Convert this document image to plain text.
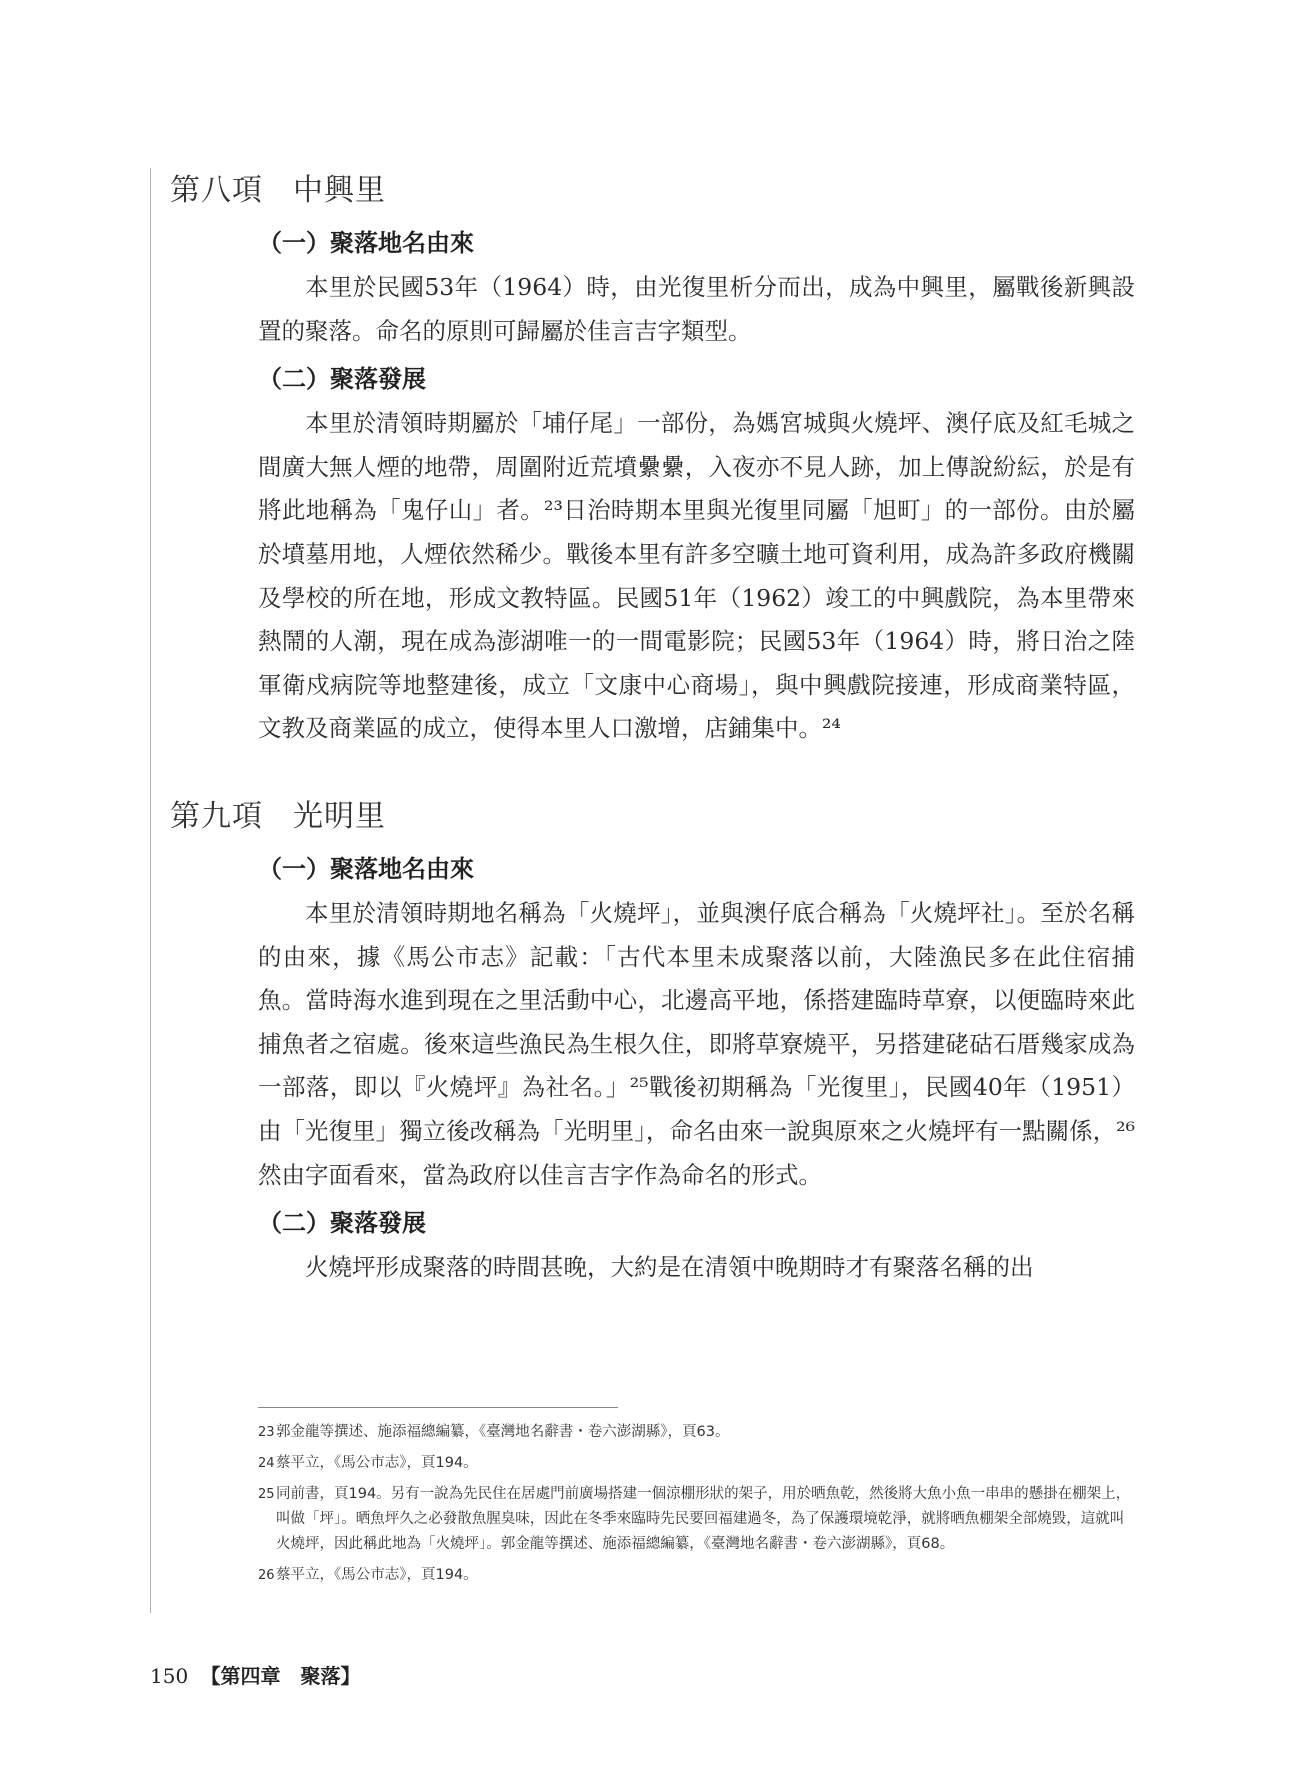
第八項 中興里
（一）聚落地名由來

本里於民國53年（1964）時，由光復里析分而出，成為中興里，屬戰後新興設置的聚落。命名的原則可歸屬於佳言吉字類型。

（二）聚落發展

本里於清領時期屬於「埔仔尾」一部份，為媽宮城與火燒坪、澳仔底及紅毛城之間廣大無人煙的地帶，周圍附近荒墳纍纍，入夜亦不見人跡，加上傳說紛紜，於是有將此地稱為「鬼仔山」者。²³日治時期本里與光復里同屬「旭町」的一部份。由於屬於墳墓用地，人煙依然稀少。戰後本里有許多空曠土地可資利用，成為許多政府機關及學校的所在地，形成文教特區。民國51年（1962）竣工的中興戲院，為本里帶來熱鬧的人潮，現在成為澎湖唯一的一間電影院；民國53年（1964）時，將日治之陸軍衛戍病院等地整建後，成立「文康中心商場」，與中興戲院接連，形成商業特區，文教及商業區的成立，使得本里人口激增，店鋪集中。²⁴

第九項 光明里
（一）聚落地名由來

本里於清領時期地名稱為「火燒坪」，並與澳仔底合稱為「火燒坪社」。至於名稱的由來，據《馬公市志》記載：「古代本里未成聚落以前，大陸漁民多在此住宿捕魚。當時海水進到現在之里活動中心，北邊高平地，係搭建臨時草寮，以便臨時來此捕魚者之宿處。後來這些漁民為生根久住，即將草寮燒平，另搭建硓𥑮石厝幾家成為一部落，即以『火燒坪』為社名。」²⁵戰後初期稱為「光復里」，民國40年（1951）由「光復里」獨立後改稱為「光明里」，命名由來一說與原來之火燒坪有一點關係，²⁶然由字面看來，當為政府以佳言吉字作為命名的形式。

（二）聚落發展

火燒坪形成聚落的時間甚晚，大約是在清領中晚期時才有聚落名稱的出

23 郭金龍等撰述、施添福總編纂，《臺灣地名辭書・卷六澎湖縣》，頁63。
24 蔡平立，《馬公市志》，頁194。
25 同前書，頁194。另有一說為先民住在居處門前廣場搭建一個涼棚形狀的架子，用於晒魚乾，然後將大魚小魚一串串的懸掛在棚架上，叫做「坪」。晒魚坪久之必發散魚腥臭味，因此在冬季來臨時先民要回福建過冬，為了保護環境乾淨，就將晒魚棚架全部燒毀，這就叫火燒坪，因此稱此地為「火燒坪」。郭金龍等撰述、施添福總編纂，《臺灣地名辭書・卷六澎湖縣》，頁68。
26 蔡平立，《馬公市志》，頁194。
150 【第四章　聚落】
